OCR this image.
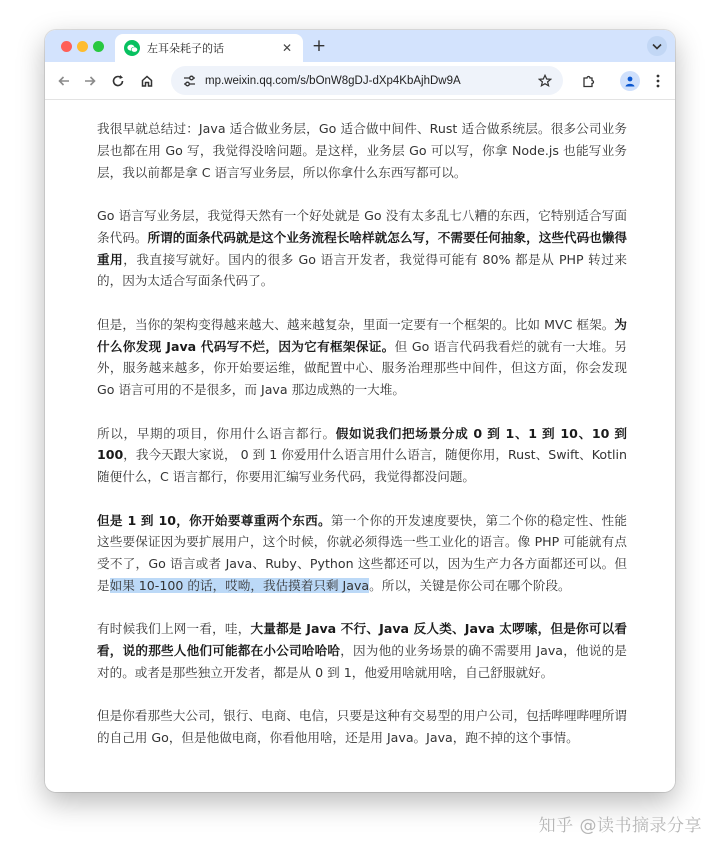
左耳朵耗子的话	✕ +
mp.weixin.qq.com/s/bOnW8gDJ-dXp4KbAjhDw9A

我很早就总结过：Java 适合做业务层，Go 适合做中间件、Rust 适合做系统层。很多公司业务层也都在用 Go 写，我觉得没啥问题。是这样，业务层 Go 可以写，你拿 Node.js 也能写业务层，我以前都是拿 C 语言写业务层，所以你拿什么东西写都可以。

Go 语言写业务层，我觉得天然有一个好处就是 Go 没有太多乱七八糟的东西，它特别适合写面条代码。所谓的面条代码就是这个业务流程长啥样就怎么写，不需要任何抽象，这些代码也懒得重用，我直接写就好。国内的很多 Go 语言开发者，我觉得可能有 80% 都是从 PHP 转过来的，因为太适合写面条代码了。

但是，当你的架构变得越来越大、越来越复杂，里面一定要有一个框架的。比如 MVC 框架。为什么你发现 Java 代码写不烂，因为它有框架保证。但 Go 语言代码我看烂的就有一大堆。另外，服务越来越多，你开始要运维，做配置中心、服务治理那些中间件，但这方面，你会发现 Go 语言可用的不是很多，而 Java 那边成熟的一大堆。

所以，早期的项目，你用什么语言都行。假如说我们把场景分成 0 到 1、1 到 10、10 到 100，我今天跟大家说， 0 到 1 你爱用什么语言用什么语言，随便你用，Rust、Swift、Kotlin 随便什么，C 语言都行，你要用汇编写业务代码，我觉得都没问题。

但是 1 到 10，你开始要尊重两个东西。第一个你的开发速度要快，第二个你的稳定性、性能这些要保证因为要扩展用户，这个时候，你就必须得选一些工业化的语言。像 PHP 可能就有点受不了，Go 语言或者 Java、Ruby、Python 这些都还可以，因为生产力各方面都还可以。但是如果 10-100 的话，哎呦，我估摸着只剩 Java。所以，关键是你公司在哪个阶段。

有时候我们上网一看，哇，大量都是 Java 不行、Java 反人类、Java 太啰嗦，但是你可以看看，说的那些人他们可能都在小公司哈哈哈，因为他的业务场景的确不需要用 Java，他说的是对的。或者是那些独立开发者，都是从 0 到 1，他爱用啥就用啥，自己舒服就好。

但是你看那些大公司，银行、电商、电信，只要是这种有交易型的用户公司，包括哔哩哔哩所谓的自己用 Go，但是他做电商，你看他用啥，还是用 Java。Java，跑不掉的这个事情。

知乎 @读书摘录分享
